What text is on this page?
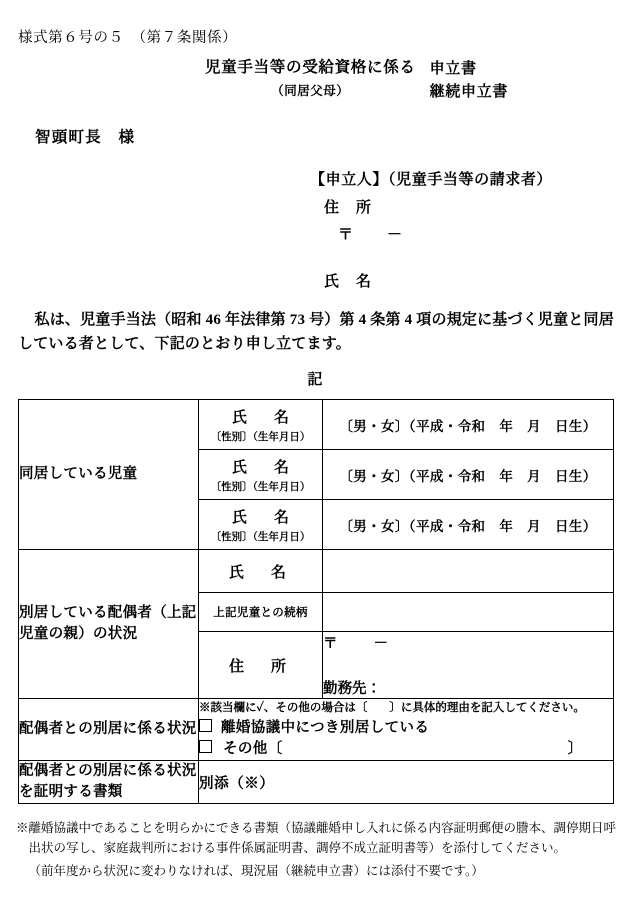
様式第６号の５　（第７条関係）
児童手当等の受給資格に係る
（同居父母）
申立書
継続申立書
智頭町長　様
【申立人】（児童手当等の請求者）
住　所
〒 －
氏　名

私は、児童手当法（昭和 46 年法律第 73 号）第 4 条第 4 項の規定に基づく児童と同居している者として、下記のとおり申し立てます。

記
同居している児童	氏　名
〔性別〕（生年月日）	〔男・女〕（平成・令和　年　月　日生）

	氏　名
〔性別〕（生年月日）	〔男・女〕（平成・令和　年　月　日生）

	氏　名
〔性別〕（生年月日）	〔男・女〕（平成・令和　年　月　日生）
別居している配偶者（上記児童の親）の状況	氏　名	
	上記児童との続柄	
	住　所	〒 －
勤務先：

配偶者との別居に係る状況	※該当欄に✓、その他の場合は〔 〕に具体的理由を記入してください。
離婚協議中につき別居している
その他〔 〕	

配偶者との別居に係る状況を証明する書類	別添（※）	

※離婚協議中であることを明らかにできる書類（協議離婚申し入れに係る内容証明郵便の謄本、調停期日呼

出状の写し、家庭裁判所における事件係属証明書、調停不成立証明書等）を添付してください。

（前年度から状況に変わりなければ、現況届（継続申立書）には添付不要です。）
